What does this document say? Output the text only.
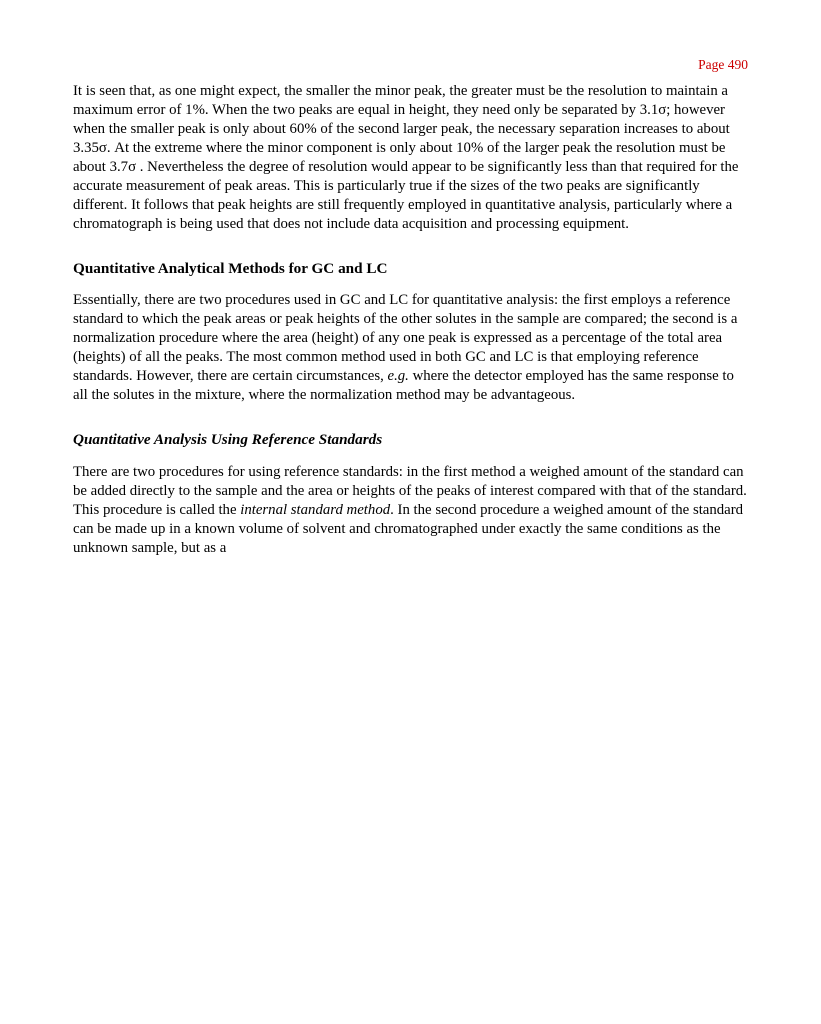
Page 490

It is seen that, as one might expect, the smaller the minor peak, the greater must be the resolution to maintain a maximum error of 1%. When the two peaks are equal in height, they need only be separated by 3.1σ; however when the smaller peak is only about 60% of the second larger peak, the necessary separation increases to about 3.35σ. At the extreme where the minor component is only about 10% of the larger peak the resolution must be about 3.7σ . Nevertheless the degree of resolution would appear to be significantly less than that required for the accurate measurement of peak areas. This is particularly true if the sizes of the two peaks are significantly different. It follows that peak heights are still frequently employed in quantitative analysis, particularly where a chromatograph is being used that does not include data acquisition and processing equipment.

Quantitative Analytical Methods for GC and LC

Essentially, there are two procedures used in GC and LC for quantitative analysis: the first employs a reference standard to which the peak areas or peak heights of the other solutes in the sample are compared; the second is a normalization procedure where the area (height) of any one peak is expressed as a percentage of the total area (heights) of all the peaks. The most common method used in both GC and LC is that employing reference standards. However, there are certain circumstances, e.g. where the detector employed has the same response to all the solutes in the mixture, where the normalization method may be advantageous.

Quantitative Analysis Using Reference Standards

There are two procedures for using reference standards: in the first method a weighed amount of the standard can be added directly to the sample and the area or heights of the peaks of interest compared with that of the standard. This procedure is called the internal standard method. In the second procedure a weighed amount of the standard can be made up in a known volume of solvent and chromatographed under exactly the same conditions as the unknown sample, but as a
